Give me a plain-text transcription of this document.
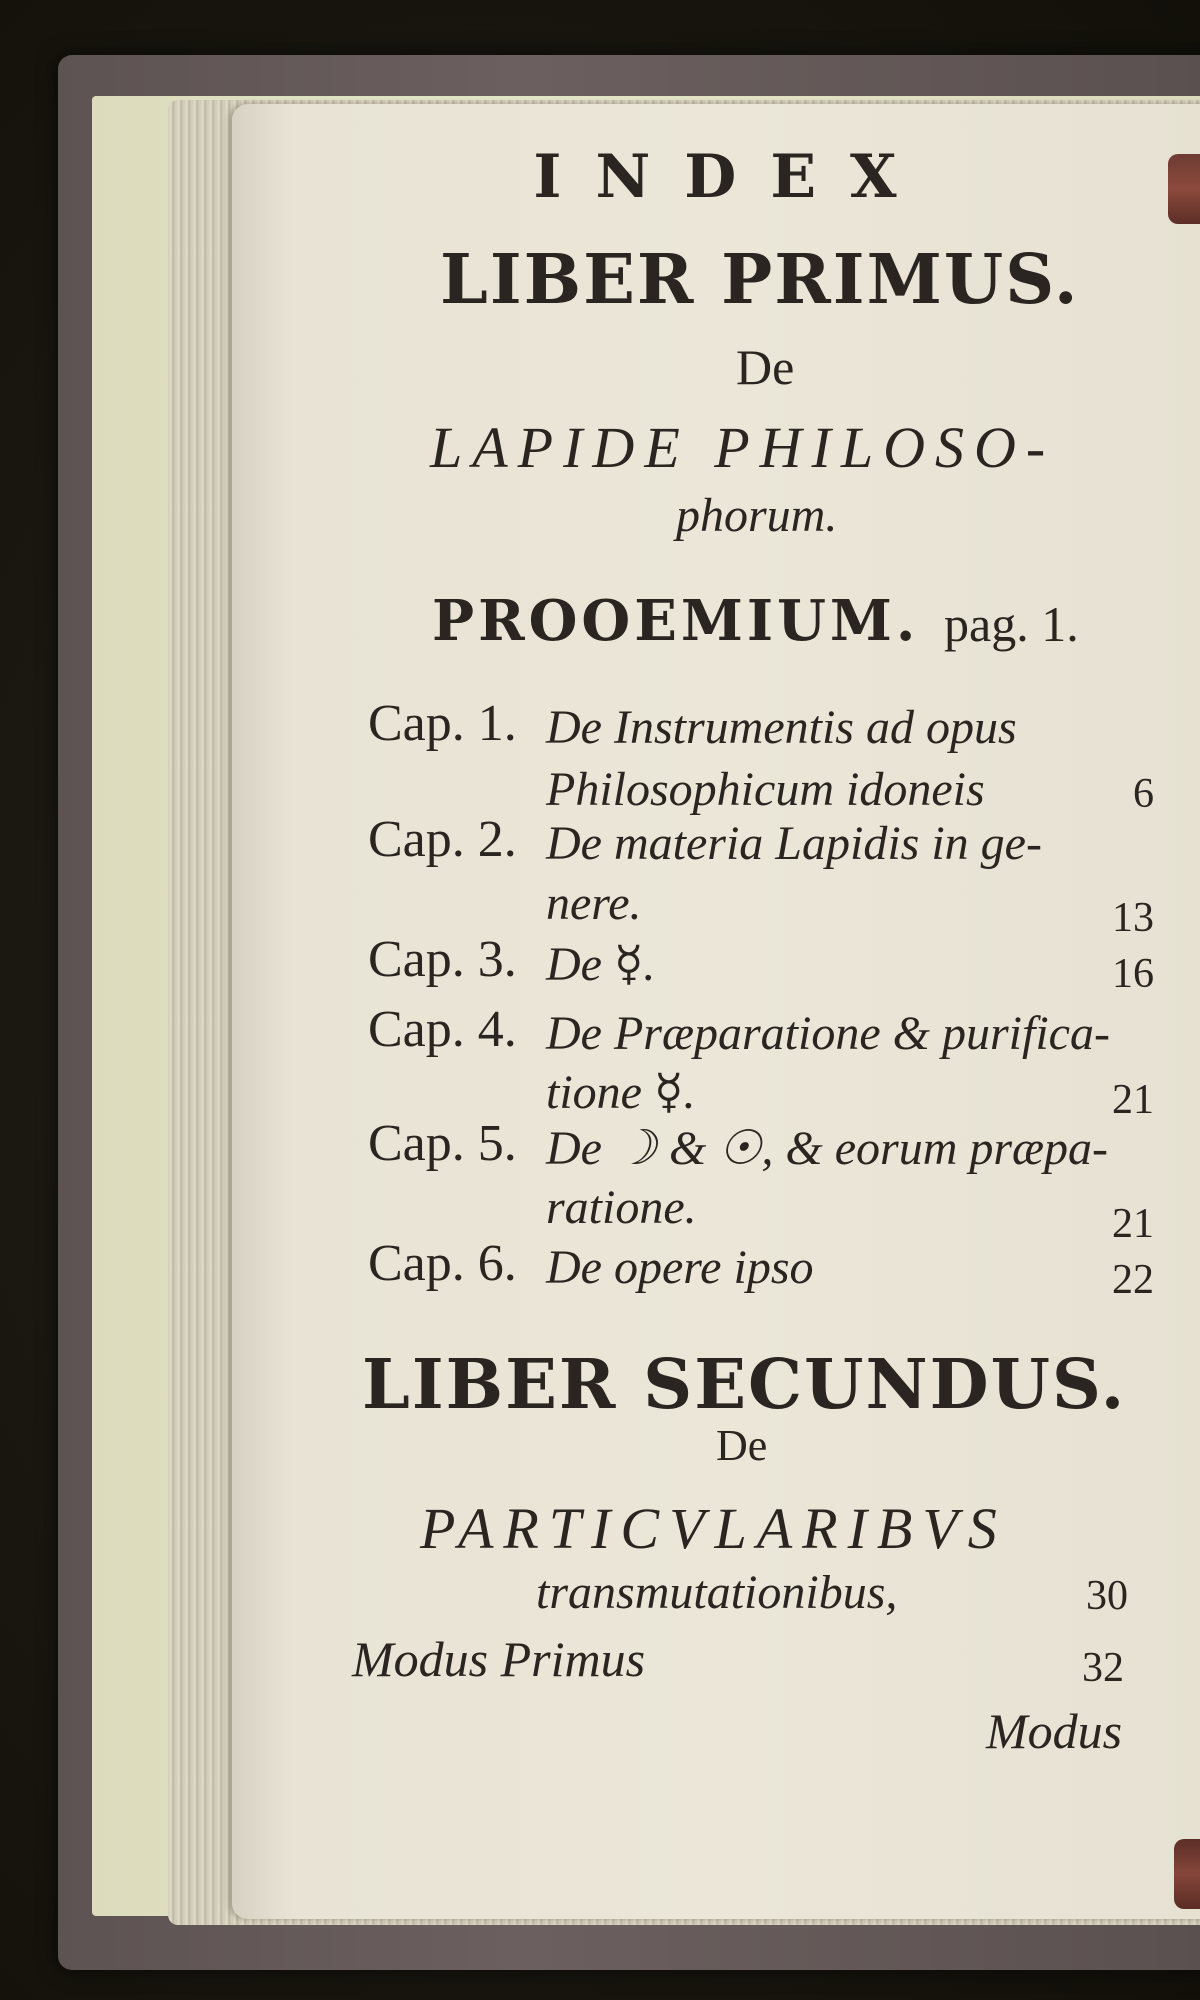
INDEX
LIBER PRIMUS.
De
LAPIDE PHILOSO-
phorum.
PROOEMIUM. pag. 1.
Cap. 1. De Instrumentis ad opus
Philosophicum idoneis	6
Cap. 2. De materia Lapidis in ge-
nere.	13
Cap. 3. De ☿.	16
Cap. 4. De Præparatione & purifica-
tione ☿.	21
Cap. 5. De ☽ & ☉, & eorum præpa-
ratione.	21
Cap. 6. De opere ipso	22
LIBER SECUNDUS.
De
PARTICVLARIBVS
transmutationibus,	30
Modus Primus	32
Modus
